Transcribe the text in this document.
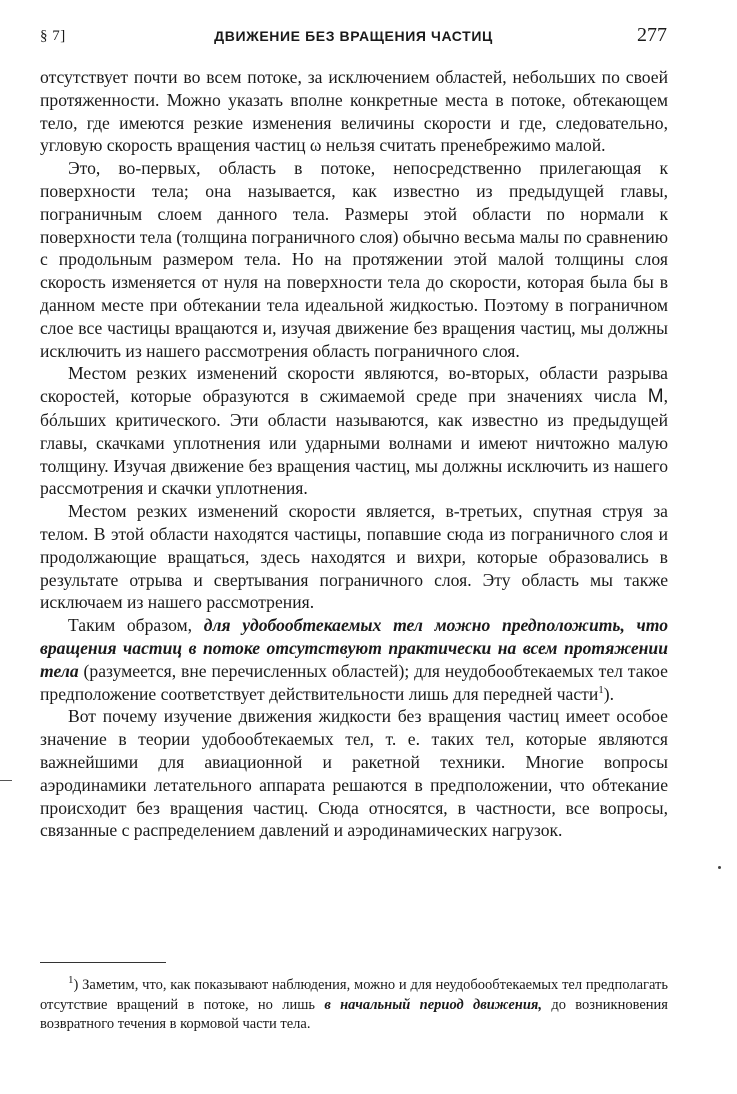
§ 7]	ДВИЖЕНИЕ БЕЗ ВРАЩЕНИЯ ЧАСТИЦ	277

отсутствует почти во всем потоке, за исключением областей, небольших по своей протяженности. Можно указать вполне конкретные места в потоке, обтекающем тело, где имеются резкие изменения величины скорости и где, следовательно, угловую скорость вращения частиц ω нельзя считать пренебрежимо малой.

Это, во-первых, область в потоке, непосредственно прилегающая к поверхности тела; она называется, как известно из предыдущей главы, пограничным слоем данного тела. Размеры этой области по нормали к поверхности тела (толщина пограничного слоя) обычно весьма малы по сравнению с продольным размером тела. Но на протяжении этой малой толщины слоя скорость изменяется от нуля на поверхности тела до скорости, которая была бы в данном месте при обтекании тела идеальной жидкостью. Поэтому в пограничном слое все частицы вращаются и, изучая движение без вращения частиц, мы должны исключить из нашего рассмотрения область пограничного слоя.

Местом резких изменений скорости являются, во-вторых, области разрыва скоростей, которые образуются в сжимаемой среде при значениях числа M, бóльших критического. Эти области называются, как известно из предыдущей главы, скачками уплотнения или ударными волнами и имеют ничтожно малую толщину. Изучая движение без вращения частиц, мы должны исключить из нашего рассмотрения и скачки уплотнения.

Местом резких изменений скорости является, в-третьих, спутная струя за телом. В этой области находятся частицы, попавшие сюда из пограничного слоя и продолжающие вращаться, здесь находятся и вихри, которые образовались в результате отрыва и свертывания пограничного слоя. Эту область мы также исключаем из нашего рассмотрения.

Таким образом, для удобообтекаемых тел можно предположить, что вращения частиц в потоке отсутствуют практически на всем протяжении тела (разумеется, вне перечисленных областей); для неудобообтекаемых тел такое предположение соответствует действительности лишь для передней части$^1$).

Вот почему изучение движения жидкости без вращения частиц имеет особое значение в теории удобообтекаемых тел, т. е. таких тел, которые являются важнейшими для авиационной и ракетной техники. Многие вопросы аэродинамики летательного аппарата решаются в предположении, что обтекание происходит без вращения частиц. Сюда относятся, в частности, все вопросы, связанные с распределением давлений и аэродинамических нагрузок.

$^1$) Заметим, что, как показывают наблюдения, можно и для неудобообтекаемых тел предполагать отсутствие вращений в потоке, но лишь в начальный период движения, до возникновения возвратного течения в кормовой части тела.
